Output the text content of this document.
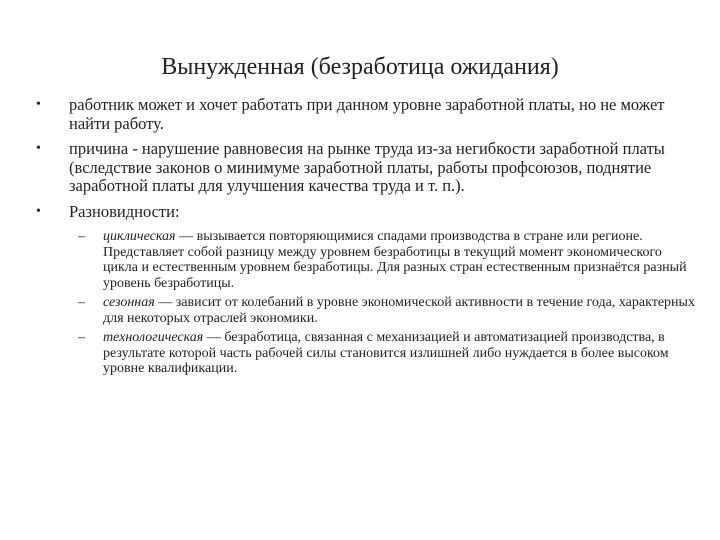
Вынужденная (безработица ожидания)
• работник может и хочет работать при данном уровне заработной платы, но не может найти работу.
• причина - нарушение равновесия на рынке труда из-за негибкости заработной платы (вследствие законов о минимуме заработной платы, работы профсоюзов, поднятие заработной платы для улучшения качества труда и т. п.).
• Разновидности:
– циклическая — вызывается повторяющимися спадами производства в стране или регионе. Представляет собой разницу между уровнем безработицы в текущий момент экономического цикла и естественным уровнем безработицы. Для разных стран естественным признаётся разный уровень безработицы.
– сезонная — зависит от колебаний в уровне экономической активности в течение года, характерных для некоторых отраслей экономики.
– технологическая — безработица, связанная с механизацией и автоматизацией производства, в результате которой часть рабочей силы становится излишней либо нуждается в более высоком уровне квалификации.
